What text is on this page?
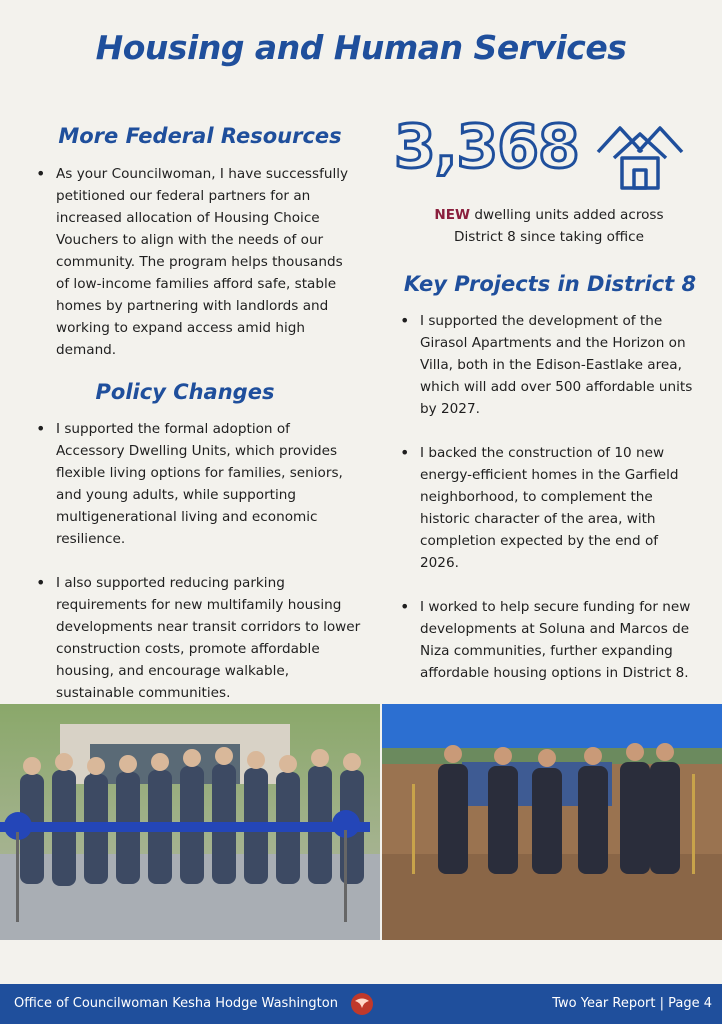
Housing and Human Services
More Federal Resources
• As your Councilwoman, I have successfully petitioned our federal partners for an increased allocation of Housing Choice Vouchers to align with the needs of our community. The program helps thousands of low-income families afford safe, stable homes by partnering with landlords and working to expand access amid high demand.
Policy Changes
• I supported the formal adoption of Accessory Dwelling Units, which provides flexible living options for families, seniors, and young adults, while supporting multigenerational living and economic resilience.
• I also supported reducing parking requirements for new multifamily housing developments near transit corridors to lower construction costs, promote affordable housing, and encourage walkable, sustainable communities.
3,368
NEW dwelling units added across
District 8 since taking office
Key Projects in District 8
• I supported the development of the Girasol Apartments and the Horizon on Villa, both in the Edison-Eastlake area, which will add over 500 affordable units by 2027.
• I backed the construction of 10 new energy-efficient homes in the Garfield neighborhood, to complement the historic character of the area, with completion expected by the end of 2026.
• I worked to help secure funding for new developments at Soluna and Marcos de Niza communities, further expanding affordable housing options in District 8.
Office of Councilwoman Kesha Hodge Washington	Two Year Report | Page 4
